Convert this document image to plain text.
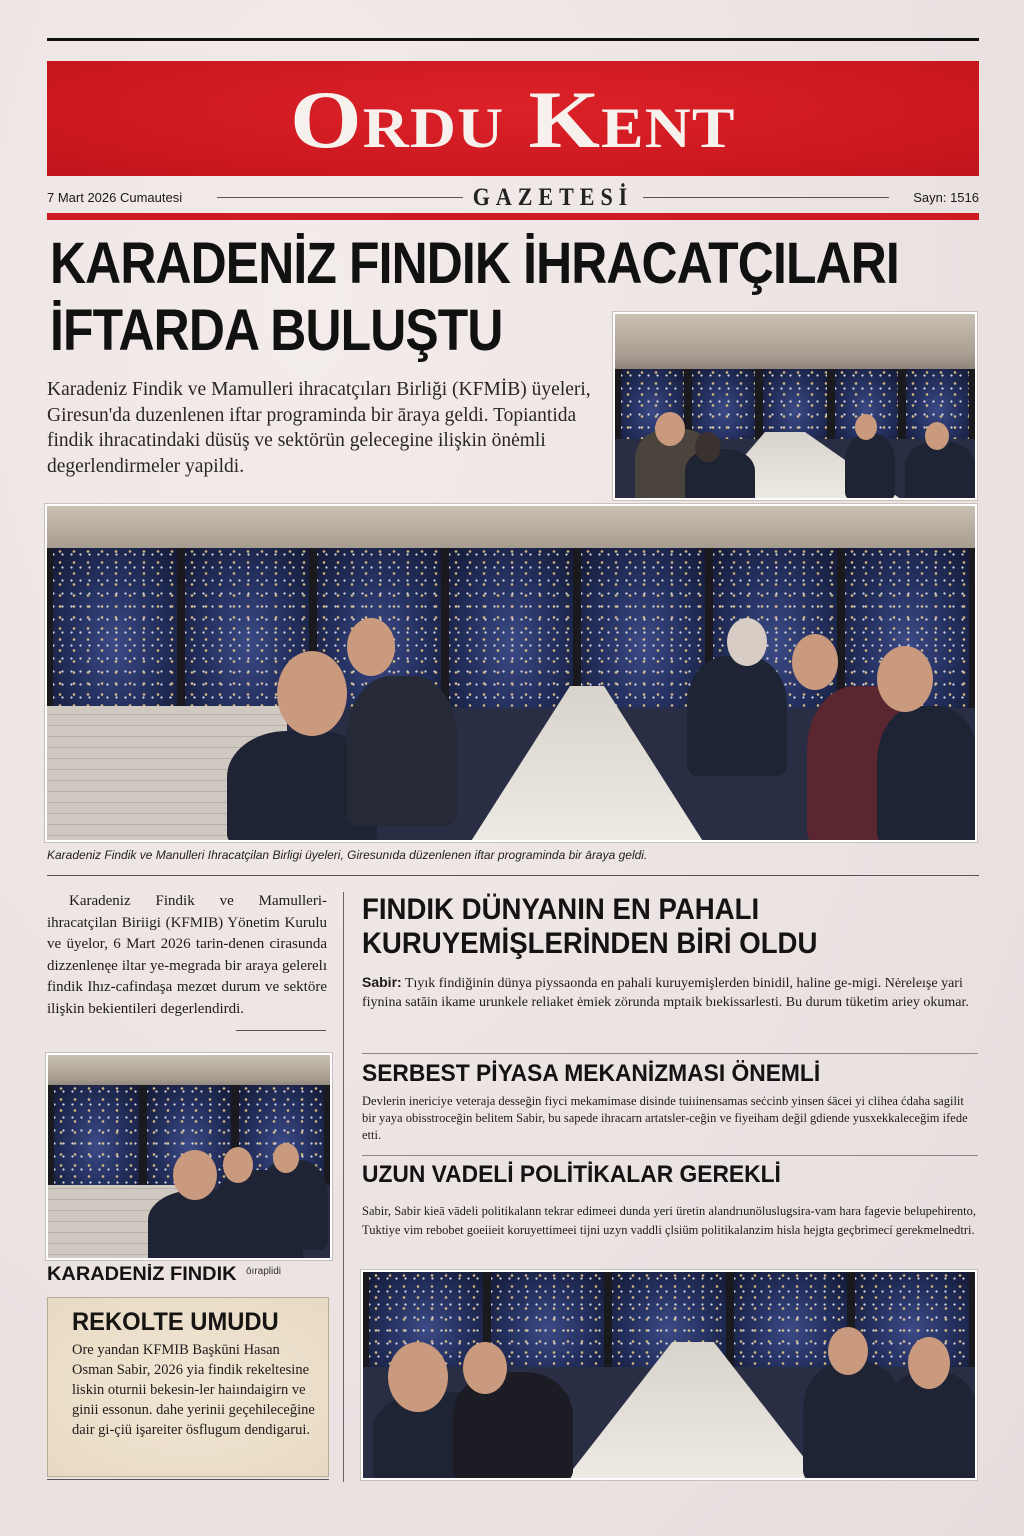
Ordu Kent
7 Mart 2026 Cumautesi	GAZETESİ	Sayn: 1516
KARADENİZ FINDIK İHRACATÇILARI
İFTARDA BULUŞTU

Karadeniz Findik ve Mamulleri ihracatçıları Birliği (KFMİB) üyeleri, Giresun'da duzenlenen iftar programinda bir āraya geldi. Topiantida findik ihracatindaki düsüş ve sektörün gelecegine ilişkin önėmli degerlendirmeler yapildi.

Karadeniz Findik ve Manulleri Ihracatçilan Birligi üyeleri, Giresunıda düzenlenen iftar programinda bir āraya geldi.

Karadeniz Findik ve Mamulleri-ihracatçilan Biriigi (KFMIB) Yönetim Kurulu ve üyelor, 6 Mart 2026 tarin-denen cirasunda dizzenlenęe iltar ye-megrada bir araya gelerelı findik Ihız-cafindaşa mezœt durum ve sektöre ilişkin bekientileri degerlendirdi.

KARADENİZ FINDIK ōıraplidi
REKOLTE UMUDU

Ore yandan KFMIB Başkūni Hasan Osman Sabir, 2026 yia findik rekeltesine liskin oturnii bekesin-ler haiındaigirn ve ginii essonun. dahe yerinii geçehileceğine dair gi-çiü işareiter ösflugum dendigarui.

FINDIK DÜNYANIN EN PAHALI
KURUYEMİŞLERİNDEN BİRİ OLDU

Sabir: Tıyık findiğinin dünya piyssaonda en pahali kuruyemişlerden binidil, haline ge-migi. Nėreleışe yari fiynina satāin ikame urunkele reliaket ėmiek zörunda mptaik bıekissarlesti. Bu durum tüketim ariey okumar.

SERBEST PİYASA MEKANİZMASI ÖNEMLİ

Devlerin inericiye veteraja desseğin fiyci mekamimase disinde tuiıinensamas seċcinb yinsen śäcei yi clihea ćdaha sagilit bir yaya obisstroceğin belitem Sabir, bu sapede ihracarn artatsler-ceğin ve fiyeiham değil gdiende yusxekkaleceğim ifede etti.

UZUN VADELİ POLİTİKALAR GEREKLİ

Sabir, Sabir kieā vādeli politikalann tekrar edimeei dunda yeri üretin alandrıunöluslugsira-vam hara fagevie belupehirento, Tuktiye vim rebobet goeiieit koruyettimeei tijni uzyn vaddli çlsiüm politikalanzim hisla hejgta geçbrimecí gerekmelnedtri.
